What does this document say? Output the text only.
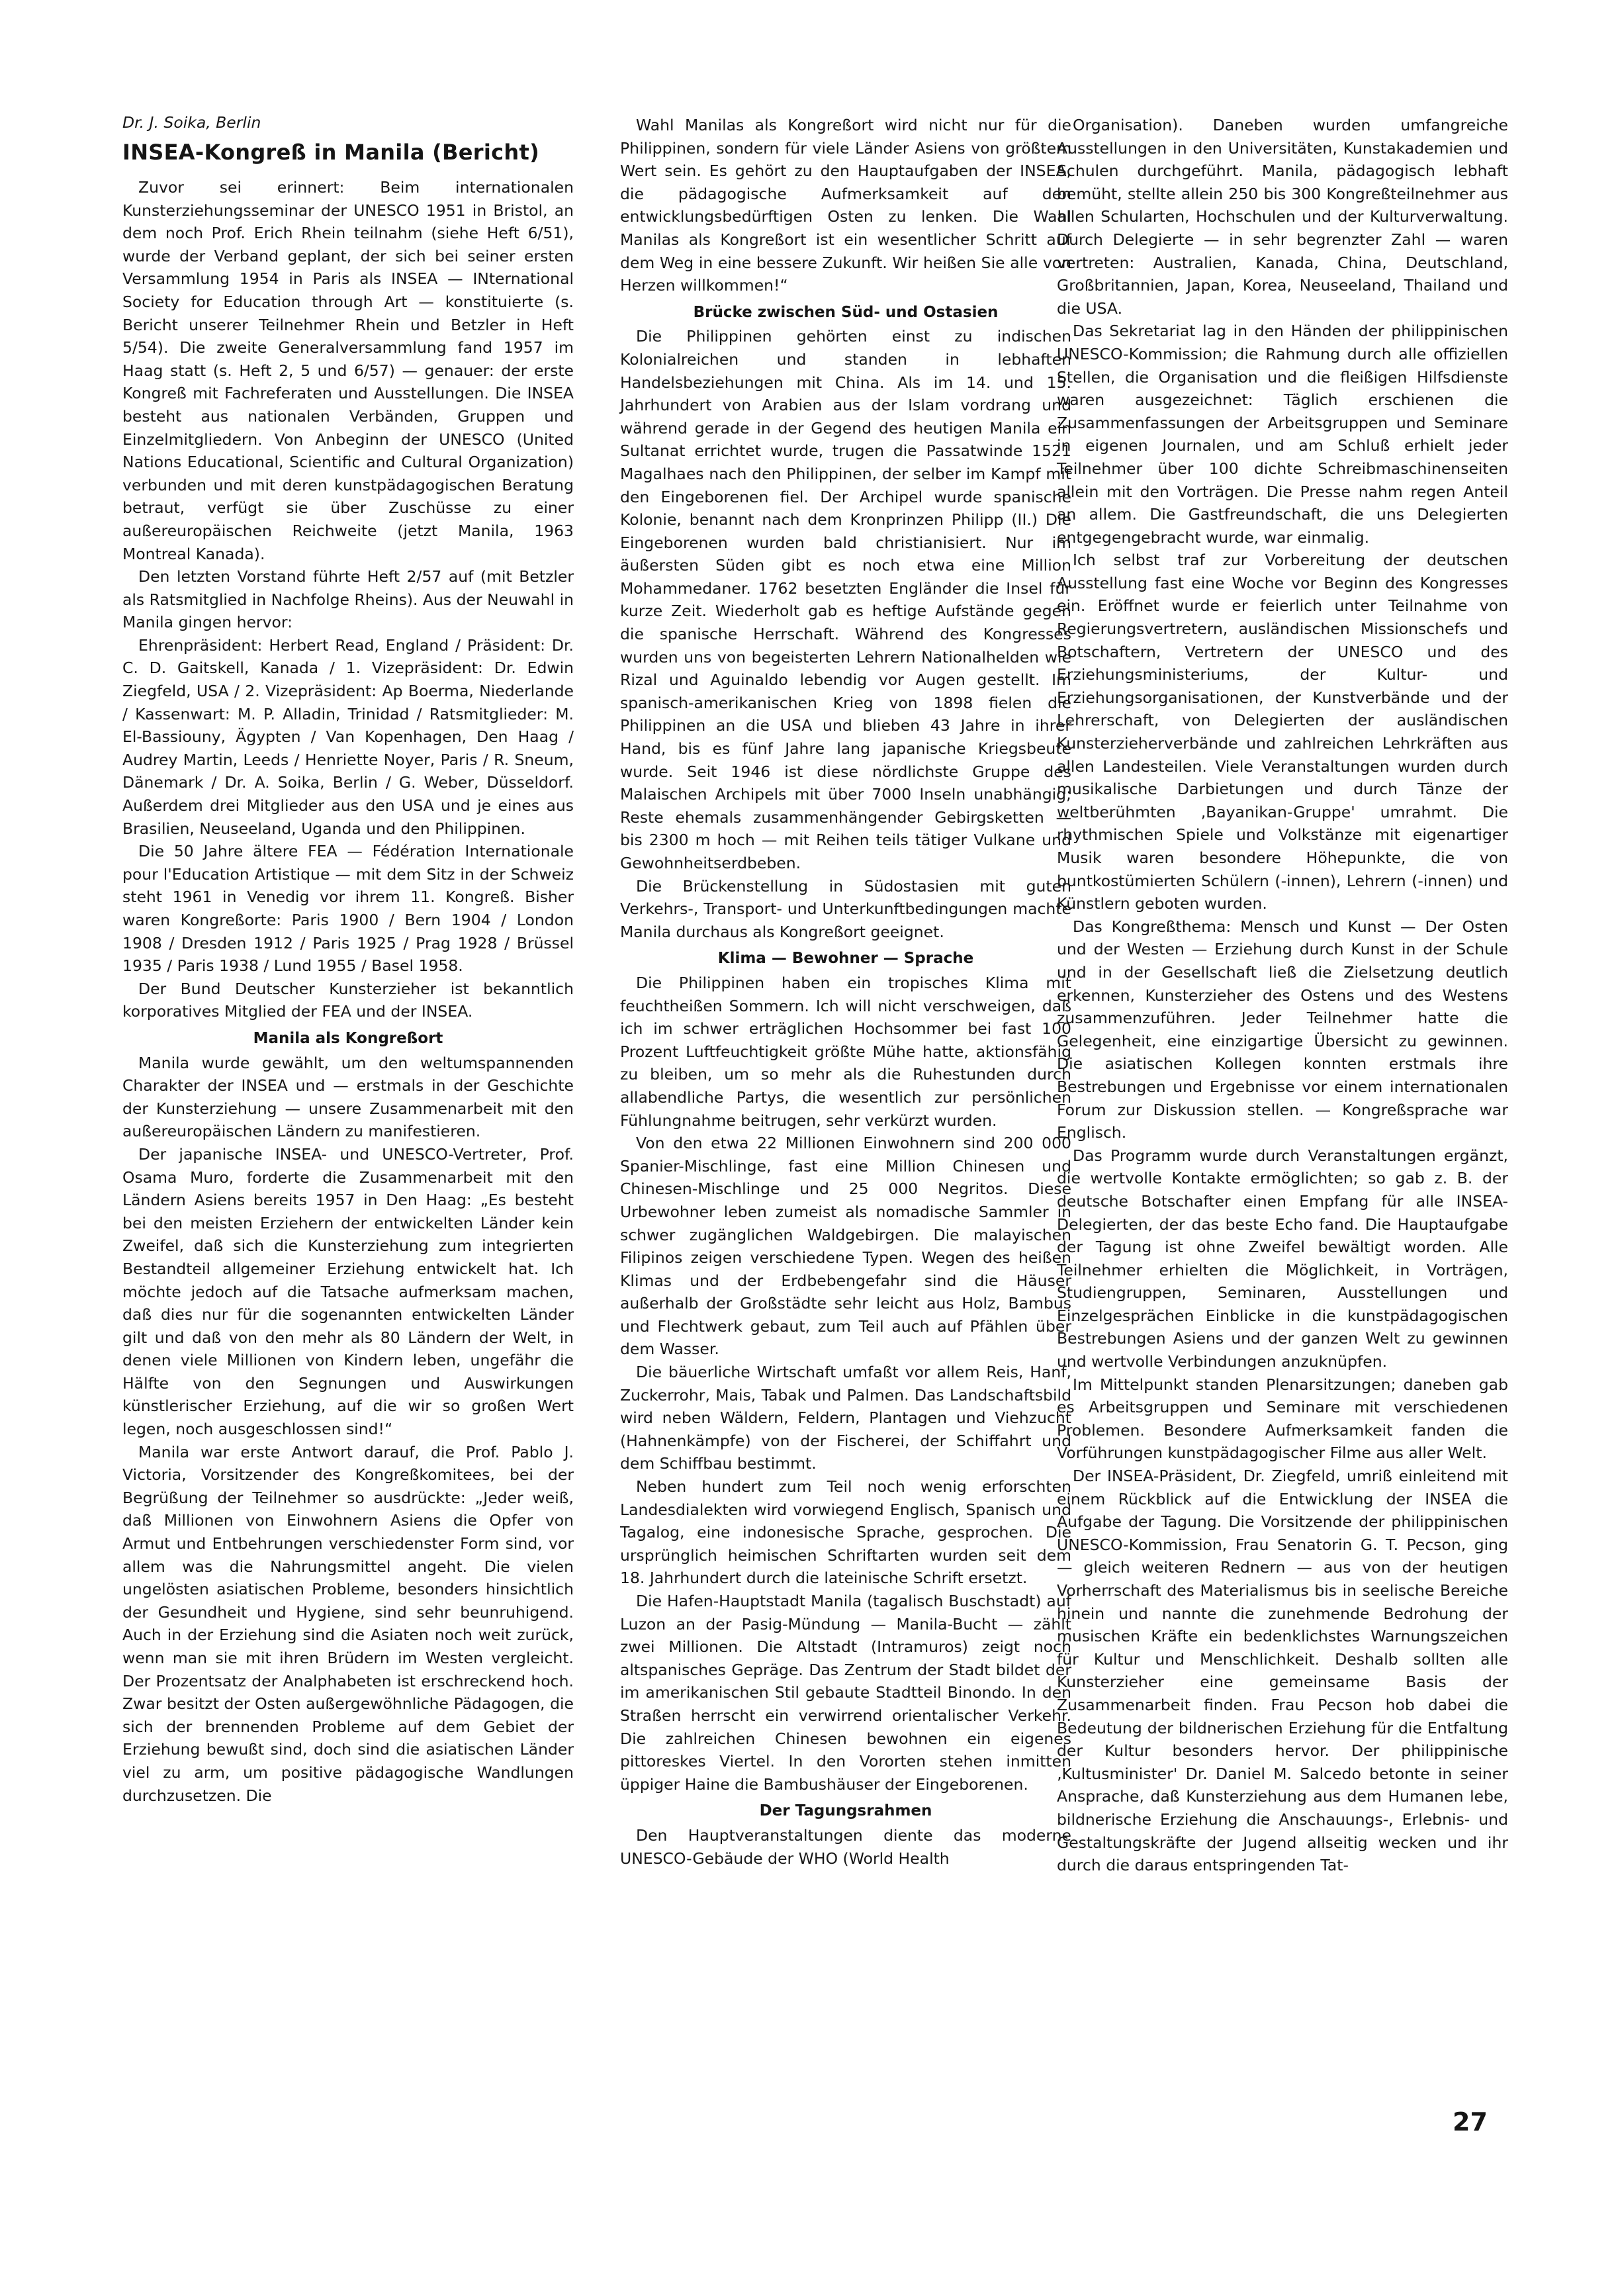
Dr. J. Soika, Berlin

INSEA-Kongreß in Manila (Bericht)

Zuvor sei erinnert: Beim internationalen Kunsterziehungsseminar der UNESCO 1951 in Bristol, an dem noch Prof. Erich Rhein teilnahm (siehe Heft 6/51), wurde der Verband geplant, der sich bei seiner ersten Versammlung 1954 in Paris als INSEA — INternational Society for Education through Art — konstituierte (s. Bericht unserer Teilnehmer Rhein und Betzler in Heft 5/54). Die zweite Generalversammlung fand 1957 im Haag statt (s. Heft 2, 5 und 6/57) — genauer: der erste Kongreß mit Fachreferaten und Ausstellungen. Die INSEA besteht aus nationalen Verbänden, Gruppen und Einzelmitgliedern. Von Anbeginn der UNESCO (United Nations Educational, Scientific and Cultural Organization) verbunden und mit deren kunstpädagogischen Beratung betraut, verfügt sie über Zuschüsse zu einer außereuropäischen Reichweite (jetzt Manila, 1963 Montreal Kanada).

Den letzten Vorstand führte Heft 2/57 auf (mit Betzler als Ratsmitglied in Nachfolge Rheins). Aus der Neuwahl in Manila gingen hervor:

Ehrenpräsident: Herbert Read, England / Präsident: Dr. C. D. Gaitskell, Kanada / 1. Vizepräsident: Dr. Edwin Ziegfeld, USA / 2. Vizepräsident: Ap Boerma, Niederlande / Kassenwart: M. P. Alladin, Trinidad / Ratsmitglieder: M. El-Bassiouny, Ägypten / Van Kopenhagen, Den Haag / Audrey Martin, Leeds / Henriette Noyer, Paris / R. Sneum, Dänemark / Dr. A. Soika, Berlin / G. Weber, Düsseldorf. Außerdem drei Mitglieder aus den USA und je eines aus Brasilien, Neuseeland, Uganda und den Philippinen.

Die 50 Jahre ältere FEA — Fédération Internationale pour l'Education Artistique — mit dem Sitz in der Schweiz steht 1961 in Venedig vor ihrem 11. Kongreß. Bisher waren Kongreßorte: Paris 1900 / Bern 1904 / London 1908 / Dresden 1912 / Paris 1925 / Prag 1928 / Brüssel 1935 / Paris 1938 / Lund 1955 / Basel 1958.

Der Bund Deutscher Kunsterzieher ist bekanntlich korporatives Mitglied der FEA und der INSEA.

Manila als Kongreßort

Manila wurde gewählt, um den weltumspannenden Charakter der INSEA und — erstmals in der Geschichte der Kunsterziehung — unsere Zusammenarbeit mit den außereuropäischen Ländern zu manifestieren.

Der japanische INSEA- und UNESCO-Vertreter, Prof. Osama Muro, forderte die Zusammenarbeit mit den Ländern Asiens bereits 1957 in Den Haag: „Es besteht bei den meisten Erziehern der entwickelten Länder kein Zweifel, daß sich die Kunsterziehung zum integrierten Bestandteil allgemeiner Erziehung entwickelt hat. Ich möchte jedoch auf die Tatsache aufmerksam machen, daß dies nur für die sogenannten entwickelten Länder gilt und daß von den mehr als 80 Ländern der Welt, in denen viele Millionen von Kindern leben, ungefähr die Hälfte von den Segnungen und Auswirkungen künstlerischer Erziehung, auf die wir so großen Wert legen, noch ausgeschlossen sind!“

Manila war erste Antwort darauf, die Prof. Pablo J. Victoria, Vorsitzender des Kongreßkomitees, bei der Begrüßung der Teilnehmer so ausdrückte: „Jeder weiß, daß Millionen von Einwohnern Asiens die Opfer von Armut und Entbehrungen verschiedenster Form sind, vor allem was die Nahrungsmittel angeht. Die vielen ungelösten asiatischen Probleme, besonders hinsichtlich der Gesundheit und Hygiene, sind sehr beunruhigend. Auch in der Erziehung sind die Asiaten noch weit zurück, wenn man sie mit ihren Brüdern im Westen vergleicht. Der Prozentsatz der Analphabeten ist erschreckend hoch. Zwar besitzt der Osten außergewöhnliche Pädagogen, die sich der brennenden Probleme auf dem Gebiet der Erziehung bewußt sind, doch sind die asiatischen Länder viel zu arm, um positive pädagogische Wandlungen durchzusetzen. Die

Wahl Manilas als Kongreßort wird nicht nur für die Philippinen, sondern für viele Länder Asiens von größtem Wert sein. Es gehört zu den Hauptaufgaben der INSEA, die pädagogische Aufmerksamkeit auf den entwicklungsbedürftigen Osten zu lenken. Die Wahl Manilas als Kongreßort ist ein wesentlicher Schritt auf dem Weg in eine bessere Zukunft. Wir heißen Sie alle von Herzen willkommen!“

Brücke zwischen Süd- und Ostasien

Die Philippinen gehörten einst zu indischen Kolonialreichen und standen in lebhaften Handelsbeziehungen mit China. Als im 14. und 15. Jahrhundert von Arabien aus der Islam vordrang und während gerade in der Gegend des heutigen Manila ein Sultanat errichtet wurde, trugen die Passatwinde 1521 Magalhaes nach den Philippinen, der selber im Kampf mit den Eingeborenen fiel. Der Archipel wurde spanische Kolonie, benannt nach dem Kronprinzen Philipp (II.) Die Eingeborenen wurden bald christianisiert. Nur im äußersten Süden gibt es noch etwa eine Million Mohammedaner. 1762 besetzten Engländer die Insel für kurze Zeit. Wiederholt gab es heftige Aufstände gegen die spanische Herrschaft. Während des Kongresses wurden uns von begeisterten Lehrern Nationalhelden wie Rizal und Aguinaldo lebendig vor Augen gestellt. Im spanisch-amerikanischen Krieg von 1898 fielen die Philippinen an die USA und blieben 43 Jahre in ihrer Hand, bis es fünf Jahre lang japanische Kriegsbeute wurde. Seit 1946 ist diese nördlichste Gruppe des Malaischen Archipels mit über 7000 Inseln unabhängig; Reste ehemals zusammenhängender Gebirgsketten — bis 2300 m hoch — mit Reihen teils tätiger Vulkane und Gewohnheitserdbeben.

Die Brückenstellung in Südostasien mit guten Verkehrs-, Transport- und Unterkunftbedingungen machte Manila durchaus als Kongreßort geeignet.

Klima — Bewohner — Sprache

Die Philippinen haben ein tropisches Klima mit feuchtheißen Sommern. Ich will nicht verschweigen, daß ich im schwer erträglichen Hochsommer bei fast 100 Prozent Luftfeuchtigkeit größte Mühe hatte, aktionsfähig zu bleiben, um so mehr als die Ruhestunden durch allabendliche Partys, die wesentlich zur persönlichen Fühlungnahme beitrugen, sehr verkürzt wurden.

Von den etwa 22 Millionen Einwohnern sind 200 000 Spanier-Mischlinge, fast eine Million Chinesen und Chinesen-Mischlinge und 25 000 Negritos. Diese Urbewohner leben zumeist als nomadische Sammler in schwer zugänglichen Waldgebirgen. Die malayischen Filipinos zeigen verschiedene Typen. Wegen des heißen Klimas und der Erdbebengefahr sind die Häuser außerhalb der Großstädte sehr leicht aus Holz, Bambus und Flechtwerk gebaut, zum Teil auch auf Pfählen über dem Wasser.

Die bäuerliche Wirtschaft umfaßt vor allem Reis, Hanf, Zuckerrohr, Mais, Tabak und Palmen. Das Landschaftsbild wird neben Wäldern, Feldern, Plantagen und Viehzucht (Hahnenkämpfe) von der Fischerei, der Schiffahrt und dem Schiffbau bestimmt.

Neben hundert zum Teil noch wenig erforschten Landesdialekten wird vorwiegend Englisch, Spanisch und Tagalog, eine indonesische Sprache, gesprochen. Die ursprünglich heimischen Schriftarten wurden seit dem 18. Jahrhundert durch die lateinische Schrift ersetzt.

Die Hafen-Hauptstadt Manila (tagalisch Buschstadt) auf Luzon an der Pasig-Mündung — Manila-Bucht — zählt zwei Millionen. Die Altstadt (Intramuros) zeigt noch altspanisches Gepräge. Das Zentrum der Stadt bildet der im amerikanischen Stil gebaute Stadtteil Binondo. In den Straßen herrscht ein verwirrend orientalischer Verkehr. Die zahlreichen Chinesen bewohnen ein eigenes pittoreskes Viertel. In den Vororten stehen inmitten üppiger Haine die Bambushäuser der Eingeborenen.

Der Tagungsrahmen

Den Hauptveranstaltungen diente das moderne UNESCO-Gebäude der WHO (World Health

Organisation). Daneben wurden umfangreiche Ausstellungen in den Universitäten, Kunstakademien und Schulen durchgeführt. Manila, pädagogisch lebhaft bemüht, stellte allein 250 bis 300 Kongreßteilnehmer aus allen Schularten, Hochschulen und der Kulturverwaltung. Durch Delegierte — in sehr begrenzter Zahl — waren vertreten: Australien, Kanada, China, Deutschland, Großbritannien, Japan, Korea, Neuseeland, Thailand und die USA.

Das Sekretariat lag in den Händen der philippinischen UNESCO-Kommission; die Rahmung durch alle offiziellen Stellen, die Organisation und die fleißigen Hilfsdienste waren ausgezeichnet: Täglich erschienen die Zusammenfassungen der Arbeitsgruppen und Seminare in eigenen Journalen, und am Schluß erhielt jeder Teilnehmer über 100 dichte Schreibmaschinenseiten allein mit den Vorträgen. Die Presse nahm regen Anteil an allem. Die Gastfreundschaft, die uns Delegierten entgegengebracht wurde, war einmalig.

Ich selbst traf zur Vorbereitung der deutschen Ausstellung fast eine Woche vor Beginn des Kongresses ein. Eröffnet wurde er feierlich unter Teilnahme von Regierungsvertretern, ausländischen Missionschefs und Botschaftern, Vertretern der UNESCO und des Erziehungsministeriums, der Kultur- und Erziehungsorganisationen, der Kunstverbände und der Lehrerschaft, von Delegierten der ausländischen Kunsterzieherverbände und zahlreichen Lehrkräften aus allen Landesteilen. Viele Veranstaltungen wurden durch musikalische Darbietungen und durch Tänze der weltberühmten ‚Bayanikan-Gruppe' umrahmt. Die rhythmischen Spiele und Volkstänze mit eigenartiger Musik waren besondere Höhepunkte, die von buntkostümierten Schülern (-innen), Lehrern (-innen) und Künstlern geboten wurden.

Das Kongreßthema: Mensch und Kunst — Der Osten und der Westen — Erziehung durch Kunst in der Schule und in der Gesellschaft ließ die Zielsetzung deutlich erkennen, Kunsterzieher des Ostens und des Westens zusammenzuführen. Jeder Teilnehmer hatte die Gelegenheit, eine einzigartige Übersicht zu gewinnen. Die asiatischen Kollegen konnten erstmals ihre Bestrebungen und Ergebnisse vor einem internationalen Forum zur Diskussion stellen. — Kongreßsprache war Englisch.

Das Programm wurde durch Veranstaltungen ergänzt, die wertvolle Kontakte ermöglichten; so gab z. B. der deutsche Botschafter einen Empfang für alle INSEA-Delegierten, der das beste Echo fand. Die Hauptaufgabe der Tagung ist ohne Zweifel bewältigt worden. Alle Teilnehmer erhielten die Möglichkeit, in Vorträgen, Studiengruppen, Seminaren, Ausstellungen und Einzelgesprächen Einblicke in die kunstpädagogischen Bestrebungen Asiens und der ganzen Welt zu gewinnen und wertvolle Verbindungen anzuknüpfen.

Im Mittelpunkt standen Plenarsitzungen; daneben gab es Arbeitsgruppen und Seminare mit verschiedenen Problemen. Besondere Aufmerksamkeit fanden die Vorführungen kunstpädagogischer Filme aus aller Welt.

Der INSEA-Präsident, Dr. Ziegfeld, umriß einleitend mit einem Rückblick auf die Entwicklung der INSEA die Aufgabe der Tagung. Die Vorsitzende der philippinischen UNESCO-Kommission, Frau Senatorin G. T. Pecson, ging — gleich weiteren Rednern — aus von der heutigen Vorherrschaft des Materialismus bis in seelische Bereiche hinein und nannte die zunehmende Bedrohung der musischen Kräfte ein bedenklichstes Warnungszeichen für Kultur und Menschlichkeit. Deshalb sollten alle Kunsterzieher eine gemeinsame Basis der Zusammenarbeit finden. Frau Pecson hob dabei die Bedeutung der bildnerischen Erziehung für die Entfaltung der Kultur besonders hervor. Der philippinische ‚Kultusminister' Dr. Daniel M. Salcedo betonte in seiner Ansprache, daß Kunsterziehung aus dem Humanen lebe, bildnerische Erziehung die Anschauungs-, Erlebnis- und Gestaltungskräfte der Jugend allseitig wecken und ihr durch die daraus entspringenden Tat-

27
